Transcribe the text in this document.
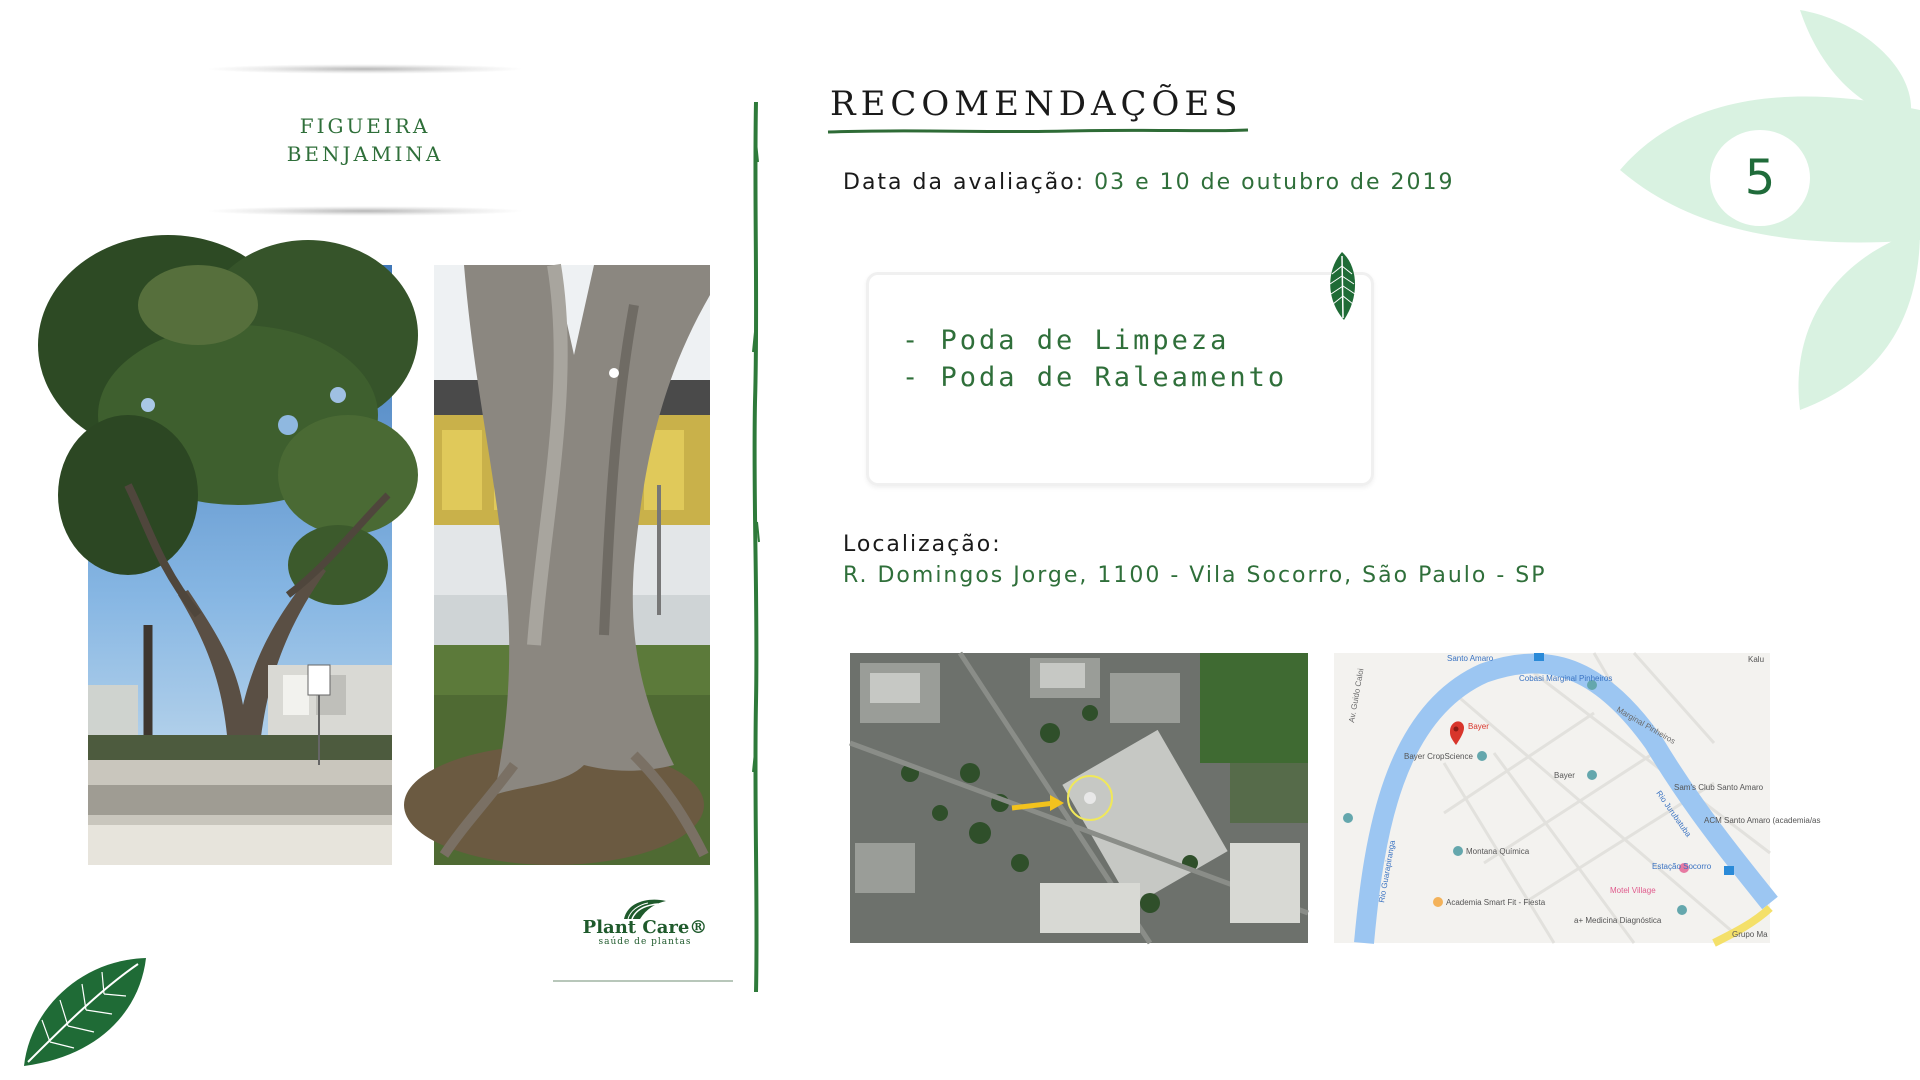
FIGUEIRA
BENJAMINA
Plant Care®
saúde de plantas
RECOMENDAÇÕES
Data da avaliação: 03 e 10 de outubro de 2019
- Poda de Limpeza
- Poda de Raleamento
Localização:
R. Domingos Jorge, 1100 - Vila Socorro, São Paulo - SP
Santo Amaro
Cobasi Marginal Pinheiros
Marginal Pinheiros
Bayer
Bayer CropScience
Bayer
Sam's Club Santo Amaro
Rio Jurubatuba ACM Santo Amaro (academia/as
Montana Química
Estação Socorro
Motel Village
Academia Smart Fit - Fiesta
a+ Medicina Diagnóstica
Grupo Ma
Rio Guarapiranga
Av. Guido Caloi
Kalu
5
